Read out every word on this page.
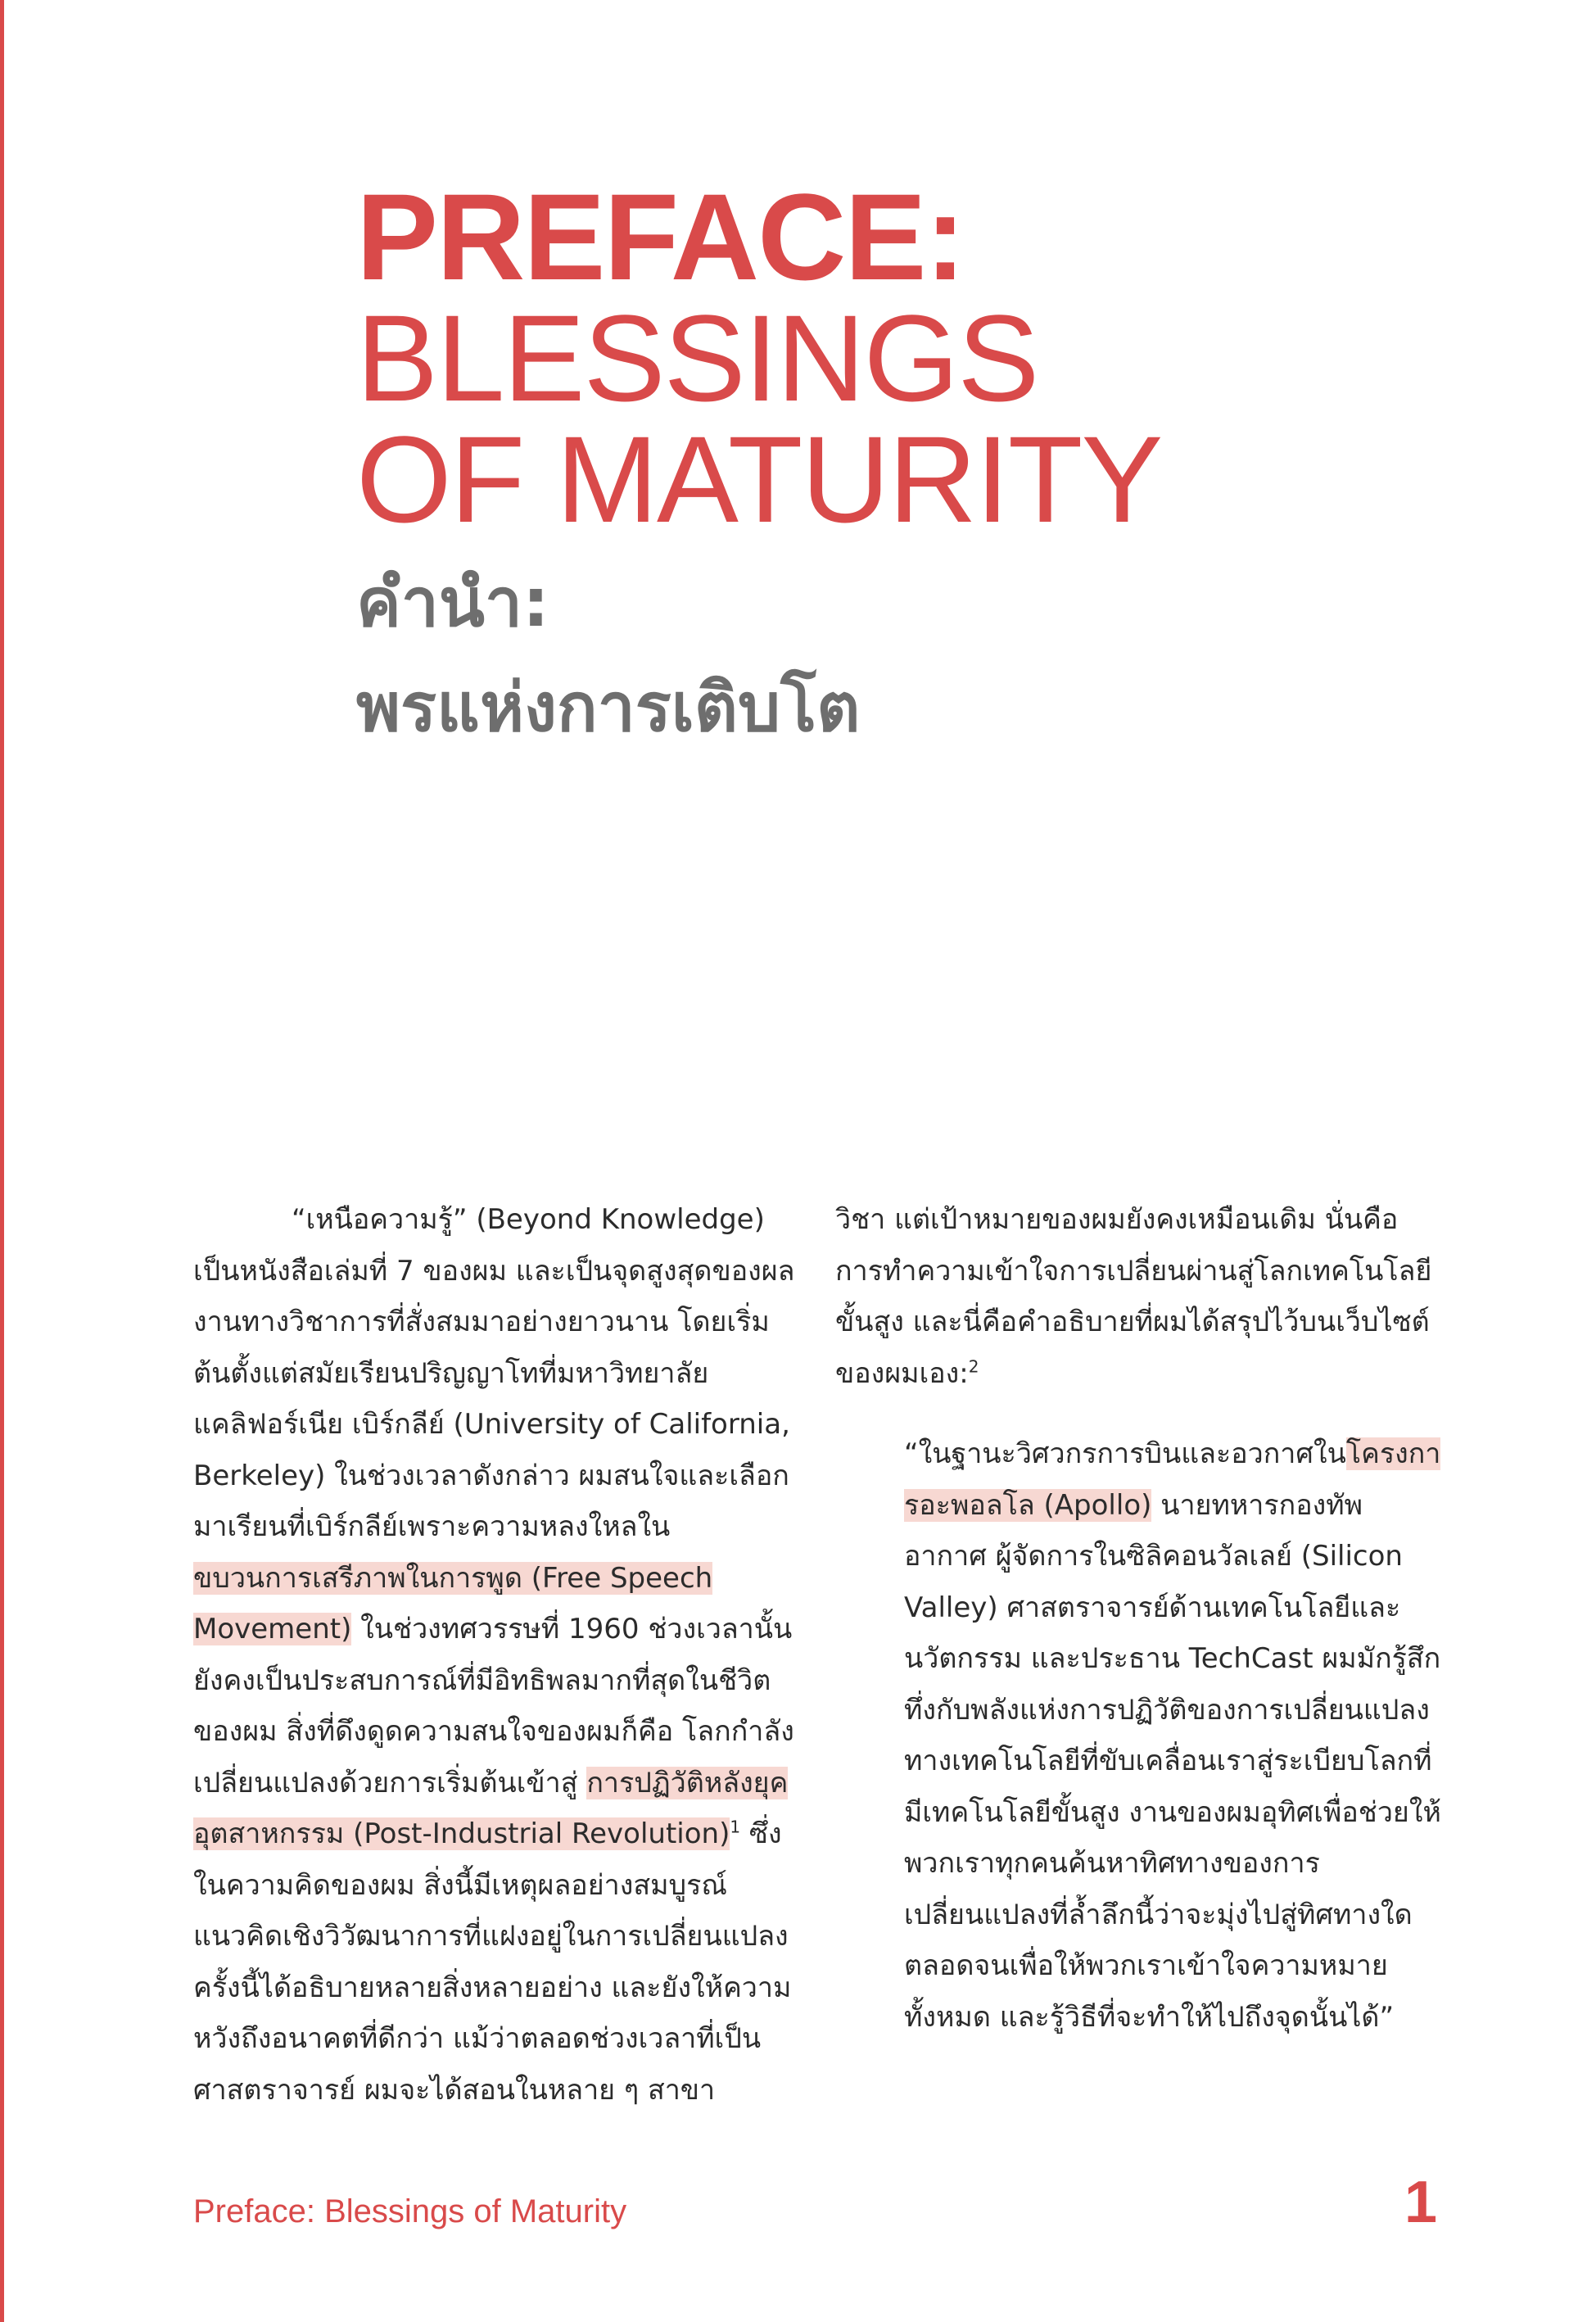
PREFACE:
BLESSINGS
OF MATURITY
คำนำ:
พรแห่งการเติบโต

“เหนือความรู้” (Beyond Knowledge) เป็นหนังสือเล่มที่ 7 ของผม และเป็นจุดสูงสุดของผลงานทางวิชาการที่สั่งสมมาอย่างยาวนาน โดยเริ่มต้นตั้งแต่สมัยเรียนปริญญาโทที่มหาวิทยาลัยแคลิฟอร์เนีย เบิร์กลีย์ (University of California, Berkeley) ในช่วงเวลาดังกล่าว ผมสนใจและเลือกมาเรียนที่เบิร์กลีย์เพราะความหลงใหลใน ขบวนการเสรีภาพในการพูด (Free Speech Movement) ในช่วงทศวรรษที่ 1960 ช่วงเวลานั้นยังคงเป็นประสบการณ์ที่มีอิทธิพลมากที่สุดในชีวิตของผม สิ่งที่ดึงดูดความสนใจของผมก็คือ โลกกำลังเปลี่ยนแปลงด้วยการเริ่มต้นเข้าสู่ การปฏิวัติหลังยุคอุตสาหกรรม (Post-Industrial Revolution)$^1$ ซึ่งในความคิดของผม สิ่งนี้มีเหตุผลอย่างสมบูรณ์ แนวคิดเชิงวิวัฒนาการที่แฝงอยู่ในการเปลี่ยนแปลงครั้งนี้ได้อธิบายหลายสิ่งหลายอย่าง และยังให้ความหวังถึงอนาคตที่ดีกว่า แม้ว่าตลอดช่วงเวลาที่เป็นศาสตราจารย์ ผมจะได้สอนในหลาย ๆ สาขา

วิชา แต่เป้าหมายของผมยังคงเหมือนเดิม นั่นคือการทำความเข้าใจการเปลี่ยนผ่านสู่โลกเทคโนโลยีขั้นสูง และนี่คือคำอธิบายที่ผมได้สรุปไว้บนเว็บไซต์ของผมเอง:$^2$

“ในฐานะวิศวกรการบินและอวกาศในโครงการอะพอลโล (Apollo) นายทหารกองทัพอากาศ ผู้จัดการในซิลิคอนวัลเลย์ (Silicon Valley) ศาสตราจารย์ด้านเทคโนโลยีและนวัตกรรม และประธาน TechCast ผมมักรู้สึกทึ่งกับพลังแห่งการปฏิวัติของการเปลี่ยนแปลงทางเทคโนโลยีที่ขับเคลื่อนเราสู่ระเบียบโลกที่มีเทคโนโลยีขั้นสูง งานของผมอุทิศเพื่อช่วยให้พวกเราทุกคนค้นหาทิศทางของการเปลี่ยนแปลงที่ล้ำลึกนี้ว่าจะมุ่งไปสู่ทิศทางใด ตลอดจนเพื่อให้พวกเราเข้าใจความหมายทั้งหมด และรู้วิธีที่จะทำให้ไปถึงจุดนั้นได้”

Preface: Blessings of Maturity	1
